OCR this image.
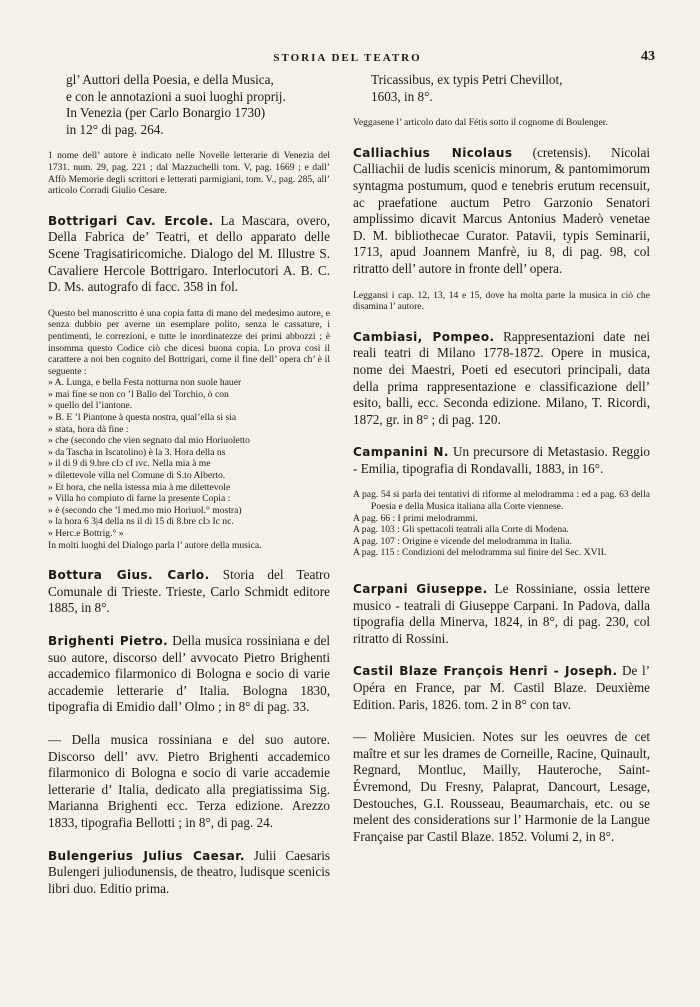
STORIA DEL TEATRO	43
gl’ Auttori della Poesia, e della Musica,
e con le annotazioni a suoi luoghi proprij.
In Venezia (per Carlo Bonargio 1730)
in 12° di pag. 264.

1 nome dell’ autore è indicato nelle Novelle letterarie di Venezia del 1731. num. 29, pag. 221 ; dal Mazzuchelli tom. V, pag. 1669 ; e dall’ Affò Memorie degli scrittori e letterati parmigiani, tom. V., pag. 285, all’ articolo Corradi Giulio Cesare.

Bottrigari Cav. Ercole. La Mascara, overo, Della Fabrica de’ Teatri, et dello apparato delle Scene Tragisatiricomiche. Dialogo del M. Illustre S. Cavaliere Hercole Bottrigaro. Interlocutori A. B. C. D. Ms. autografo di facc. 358 in fol.

Questo bel manoscritto è una copia fatta di mano del medesimo autore, e senza dubbio per averne un esemplare polito, senza le cassature, i pentimenti, le correzioni, e tutte le inordinatezze dei primi abbozzi ; è insomma questo Codice ciò che dicesi buona copia. Lo prova così il carattere a noi ben cognito del Bottrigari, come il fine dell’ opera ch’ è il seguente :

» A. Lunga, e bella Festa notturna non suole hauer
» mai fine se non co ’l Ballo del Torchio, ò con
» quello del l’iantone.
» B. E ’l Piantone à questa nostra, qual’ella si sia
» stata, hora dà fine :
» che (secondo che vien segnato dal mio Horiuoletto
» da Tascha in Iscatolino) è la 3. Hora della ns
» il di 9 di 9.bre cIɔ cI ıvc. Nella mia à me
» dilettevole villa nel Comune di S.to Alberto.
» Et hora, che nella istessa mia à me dilettevole
» Villa ho compiuto di farne la presente Copia :
» è (secondo che ’l med.mo mio Horiuol.° mostra)
» la hora 6 3|4 della ns il di 15 di 8.bre cIɔ Ic nc.
» Herc.e Bottrig.° »

In molti luoghi del Dialogo parla l’ autore della musica.

Bottura Gius. Carlo. Storia del Teatro Comunale di Trieste. Trieste, Carlo Schmidt editore 1885, in 8°.

Brighenti Pietro. Della musica rossiniana e del suo autore, discorso dell’ avvocato Pietro Brighenti accademico filarmonico di Bologna e socio di varie accademie letterarie d’ Italia. Bologna 1830, tipografia di Emidio dall’ Olmo ; in 8° di pag. 33.

— Della musica rossiniana e del suo autore. Discorso dell’ avv. Pietro Brighenti accademico filarmonico di Bologna e socio di varie accademie letterarie d’ Italia, dedicato alla pregiatissima Sig. Marianna Brighenti ecc. Terza edizione. Arezzo 1833, tipografia Bellotti ; in 8°, di pag. 24.

Bulengerius Julius Caesar. Julii Caesaris Bulengeri juliodunensis, de theatro, ludisque scenicis libri duo. Editio prima.

Tricassibus, ex typis Petri Chevillot,
1603, in 8°.

Veggasene l’ articolo dato dal Fétis sotto il cognome di Boulenger.

Calliachius Nicolaus (cretensis). Nicolai Calliachii de ludis scenicis minorum, & pantomimorum syntagma postumum, quod e tenebris erutum recensuit, ac praefatione auctum Petro Garzonio Senatori amplissimo dicavit Marcus Antonius Maderò venetae D. M. bibliothecae Curator. Patavii, typis Seminarii, 1713, apud Joannem Manfrè, iu 8, di pag. 98, col ritratto dell’ autore in fronte dell’ opera.

Leggansi i cap. 12, 13, 14 e 15, dove ha molta parte la musica in ciò che disamina l’ autore.

Cambiasi, Pompeo. Rappresentazioni date nei reali teatri di Milano 1778-1872. Opere in musica, nome dei Maestri, Poeti ed esecutori principali, data della prima rappresentazione e classificazione dell’ esito, balli, ecc. Seconda edizione. Milano, T. Ricordi, 1872, gr. in 8° ; di pag. 120.

Campanini N. Un precursore di Metastasio. Reggio - Emilia, tipografia di Rondavalli, 1883, in 16°.

A pag. 54 si parla dei tentativi di riforme al melodramma : ed a pag. 63 della Poesia e della Musica italiana alla Corte viennese.

A pag. 66 : I primi melodrammi.

A pag. 103 : Gli spettacoli teatrali alla Corte di Modena.

A pag. 107 : Origine e vicende del melodramma in Italia.

A pag. 115 : Condizioni del melodramma sul finire del Sec. XVII.

Carpani Giuseppe. Le Rossiniane, ossia lettere musico - teatrali di Giuseppe Carpani. In Padova, dalla tipografia della Minerva, 1824, in 8°, di pag. 230, col ritratto di Rossini.

Castil Blaze François Henri - Joseph. De l’ Opéra en France, par M. Castil Blaze. Deuxième Edition. Paris, 1826. tom. 2 in 8° con tav.

— Molière Musicien. Notes sur les oeuvres de cet maître et sur les drames de Corneille, Racine, Quinault, Regnard, Montluc, Mailly, Hauteroche, Saint-Évremond, Du Fresny, Palaprat, Dancourt, Lesage, Destouches, G.I. Rousseau, Beaumarchais, etc. ou se melent des considerations sur l’ Harmonie de la Langue Française par Castil Blaze. 1852. Volumi 2, in 8°.
